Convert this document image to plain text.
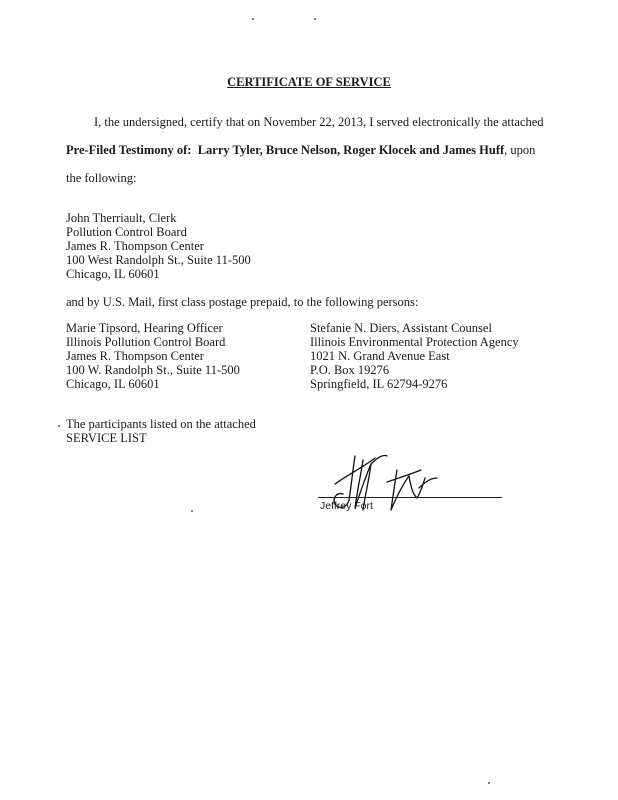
CERTIFICATE OF SERVICE
I, the undersigned, certify that on November 22, 2013, I served electronically the attached
Pre-Filed Testimony of: Larry Tyler, Bruce Nelson, Roger Klocek and James Huff, upon
the following:
John Therriault, Clerk
Pollution Control Board
James R. Thompson Center
100 West Randolph St., Suite 11-500
Chicago, IL 60601
and by U.S. Mail, first class postage prepaid, to the following persons:
Marie Tipsord, Hearing Officer
Illinois Pollution Control Board
James R. Thompson Center
100 W. Randolph St., Suite 11-500
Chicago, IL 60601
Stefanie N. Diers, Assistant Counsel
Illinois Environmental Protection Agency
1021 N. Grand Avenue East
P.O. Box 19276
Springfield, IL 62794-9276
The participants listed on the attached
SERVICE LIST
Jeffrey Fort
